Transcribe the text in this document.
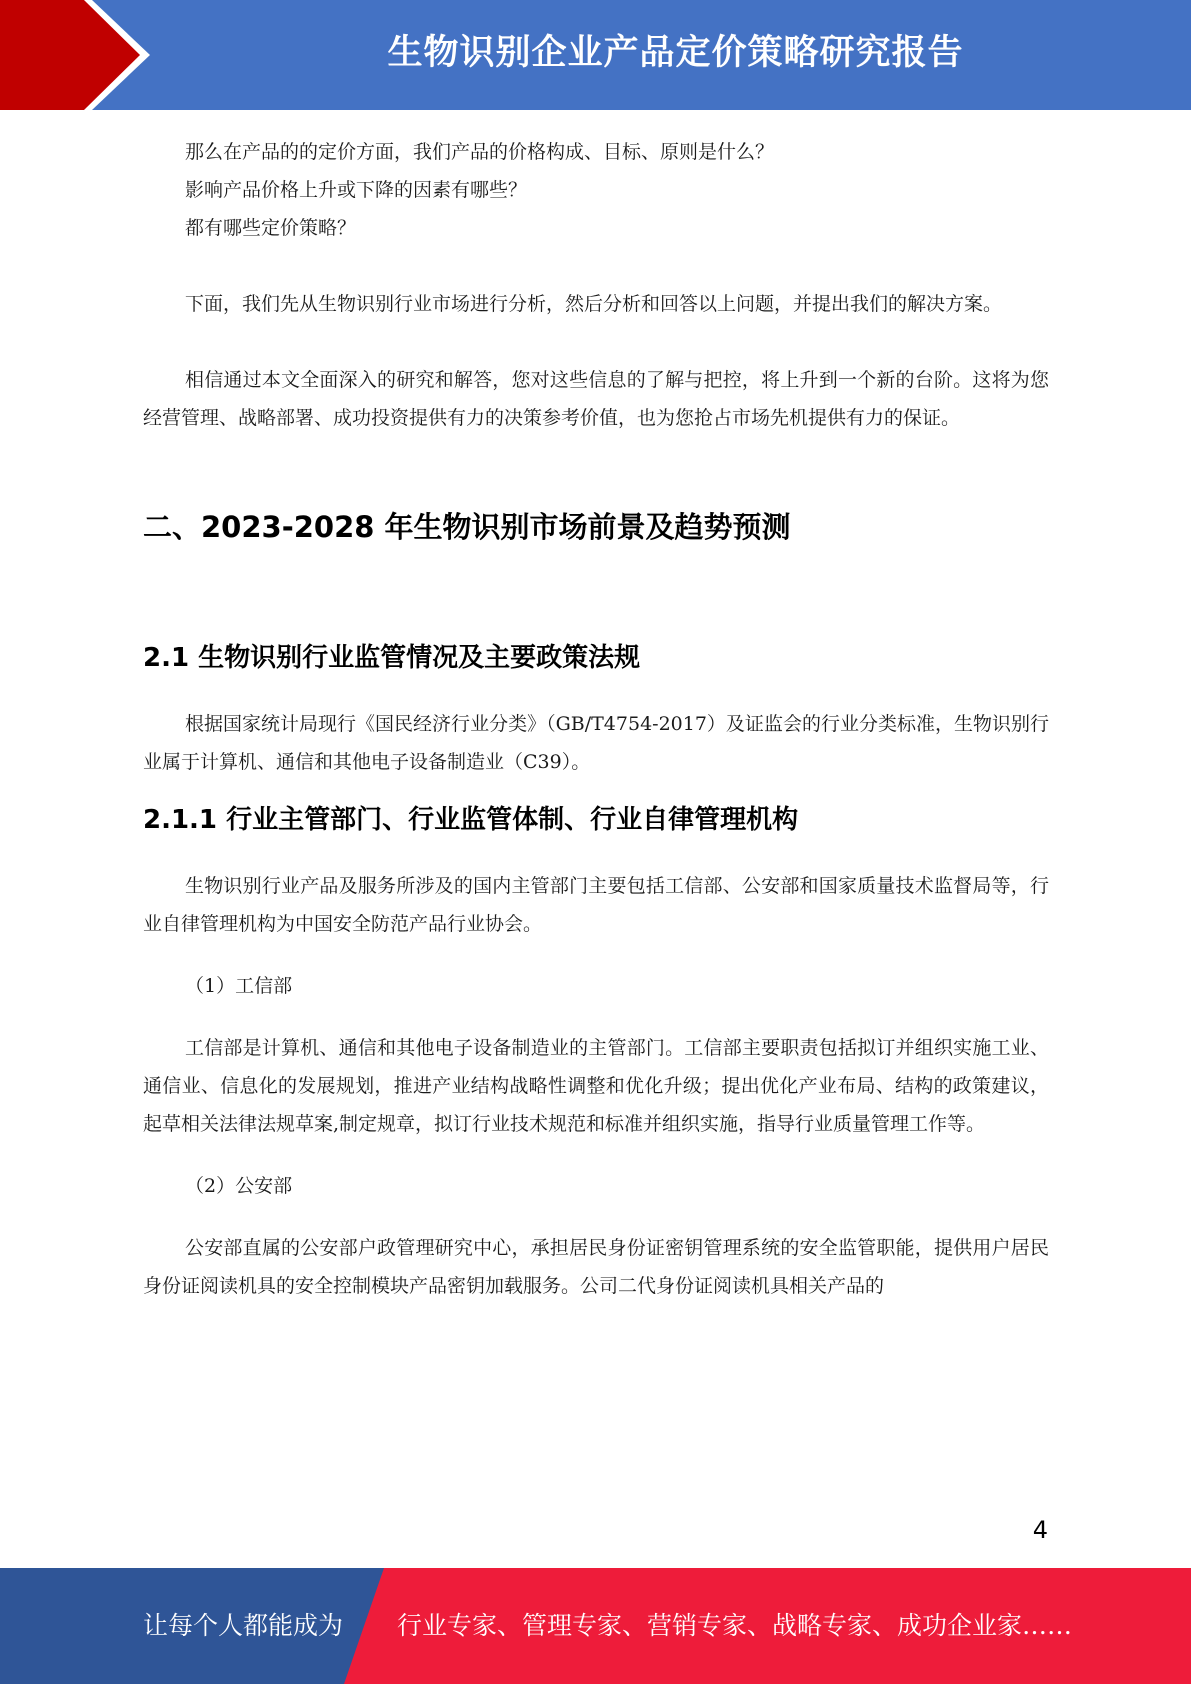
生物识别企业产品定价策略研究报告

那么在产品的的定价方面，我们产品的价格构成、目标、原则是什么？

影响产品价格上升或下降的因素有哪些？

都有哪些定价策略？

下面，我们先从生物识别行业市场进行分析，然后分析和回答以上问题，并提出我们的解决方案。

相信通过本文全面深入的研究和解答，您对这些信息的了解与把控，将上升到一个新的台阶。这将为您经营管理、战略部署、成功投资提供有力的决策参考价值，也为您抢占市场先机提供有力的保证。

二、2023-2028 年生物识别市场前景及趋势预测
2.1 生物识别行业监管情况及主要政策法规

根据国家统计局现行《国民经济行业分类》（GB/T4754-2017）及证监会的行业分类标准，生物识别行业属于计算机、通信和其他电子设备制造业（C39）。

2.1.1 行业主管部门、行业监管体制、行业自律管理机构

生物识别行业产品及服务所涉及的国内主管部门主要包括工信部、公安部和国家质量技术监督局等，行业自律管理机构为中国安全防范产品行业协会。

（1）工信部

工信部是计算机、通信和其他电子设备制造业的主管部门。工信部主要职责包括拟订并组织实施工业、通信业、信息化的发展规划，推进产业结构战略性调整和优化升级；提出优化产业布局、结构的政策建议，起草相关法律法规草案,制定规章，拟订行业技术规范和标准并组织实施，指导行业质量管理工作等。

（2）公安部

公安部直属的公安部户政管理研究中心，承担居民身份证密钥管理系统的安全监管职能，提供用户居民身份证阅读机具的安全控制模块产品密钥加载服务。公司二代身份证阅读机具相关产品的

4
让每个人都能成为 行业专家、管理专家、营销专家、战略专家、成功企业家……
